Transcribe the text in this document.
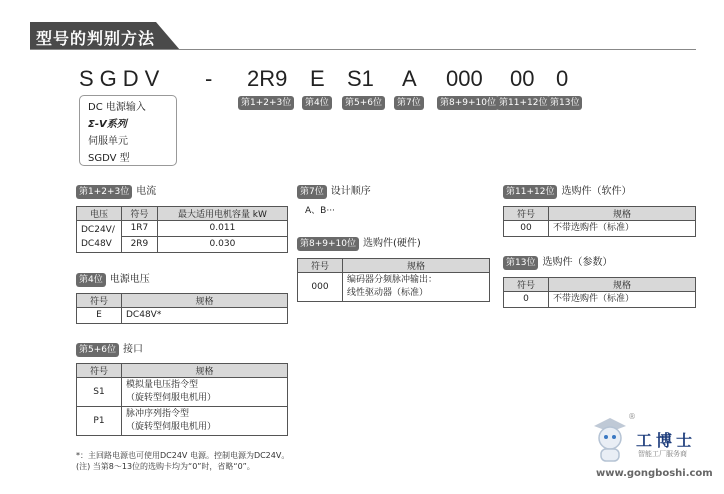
型号的判别方法
SGDV - 2R9 E S1 A 000 00 0
第1+2+3位	第4位	第5+6位	第7位	第8+9+10位 第11+12位 第13位
DC 电源输入
Σ-V系列
伺服单元
SGDV 型
第1+2+3位 电流
电压	符号	最大适用电机容量 kW
DC24V/ DC48V	1R7	0.011
	2R9	0.030
第4位 电源电压
符号	规格
E	DC48V*
第5+6位 接口
符号	规格
S1	模拟量电压指令型
（旋转型伺服电机用）

P1	脉冲序列指令型
（旋转型伺服电机用）
*：主回路电源也可使用DC24V 电源。控制电源为DC24V。
(注) 当第8～13位的选购卡均为“0”时，省略“0”。
第7位 设计顺序
A、B···
第8+9+10位 选购件(硬件)
符号	规格
000	编码器分频脉冲输出：
线性驱动器（标准）
第11+12位 选购件（软件）
符号	规格
00	不带选购件（标准）
第13位 选购件（参数）
符号	规格
0	不带选购件（标准）
®
工博士
智能工厂服务商
www.gongboshi.com
